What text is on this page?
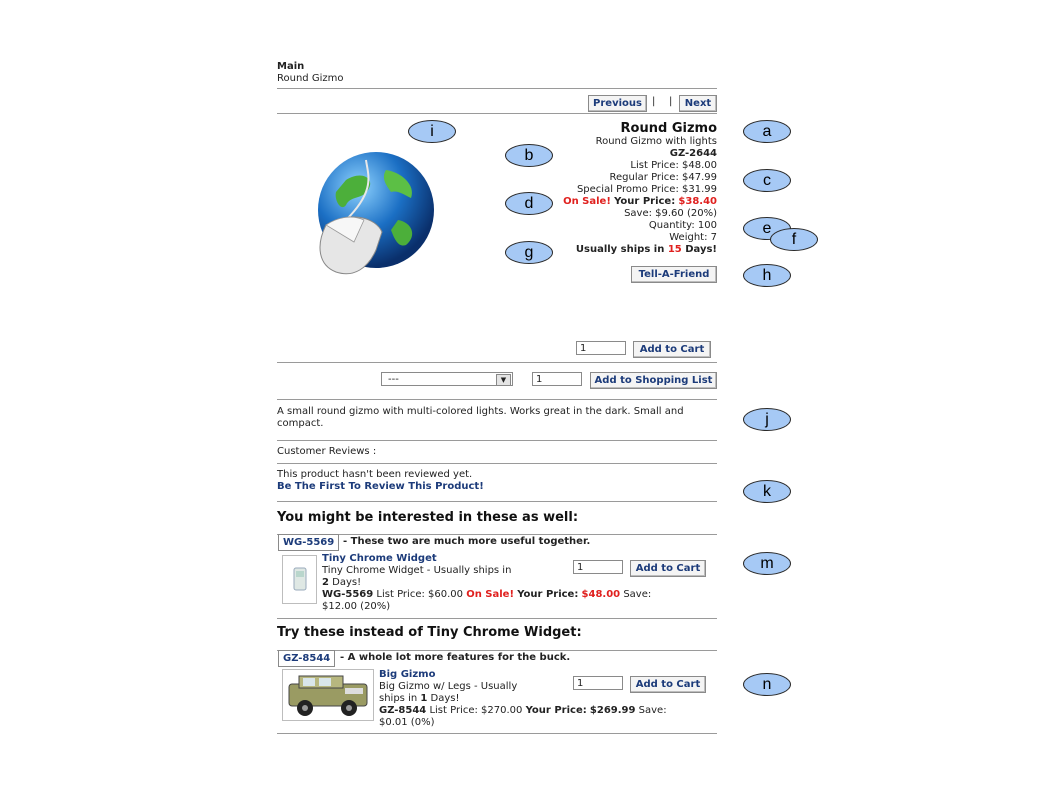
Main
Round Gizmo
Previous	| |	Next
Round Gizmo
Round Gizmo with lights
GZ-2644
List Price: $48.00
Regular Price: $47.99
Special Promo Price: $31.99
On Sale! Your Price: $38.40
Save: $9.60 (20%)
Quantity: 100
Weight: 7
Usually ships in 15 Days!
Tell-A-Friend
1	Add to Cart
---	▼	1	Add to Shopping List
A small round gizmo with multi-colored lights. Works great in the dark. Small and compact.
Customer Reviews :
This product hasn't been reviewed yet.
Be The First To Review This Product!
You might be interested in these as well:
WG-5569 - These two are much more useful together.
Tiny Chrome Widget
Tiny Chrome Widget - Usually ships in
2 Days!
WG-5569 List Price: $60.00 On Sale! Your Price: $48.00 Save:
$12.00 (20%)
1	Add to Cart
Try these instead of Tiny Chrome Widget:
GZ-8544 - A whole lot more features for the buck.
Big Gizmo
Big Gizmo w/ Legs - Usually
ships in 1 Days!
GZ-8544 List Price: $270.00 Your Price: $269.99 Save:
$0.01 (0%)
1	Add to Cart
a
b
c
d
e
f
g
h
i
j
k
m
n
